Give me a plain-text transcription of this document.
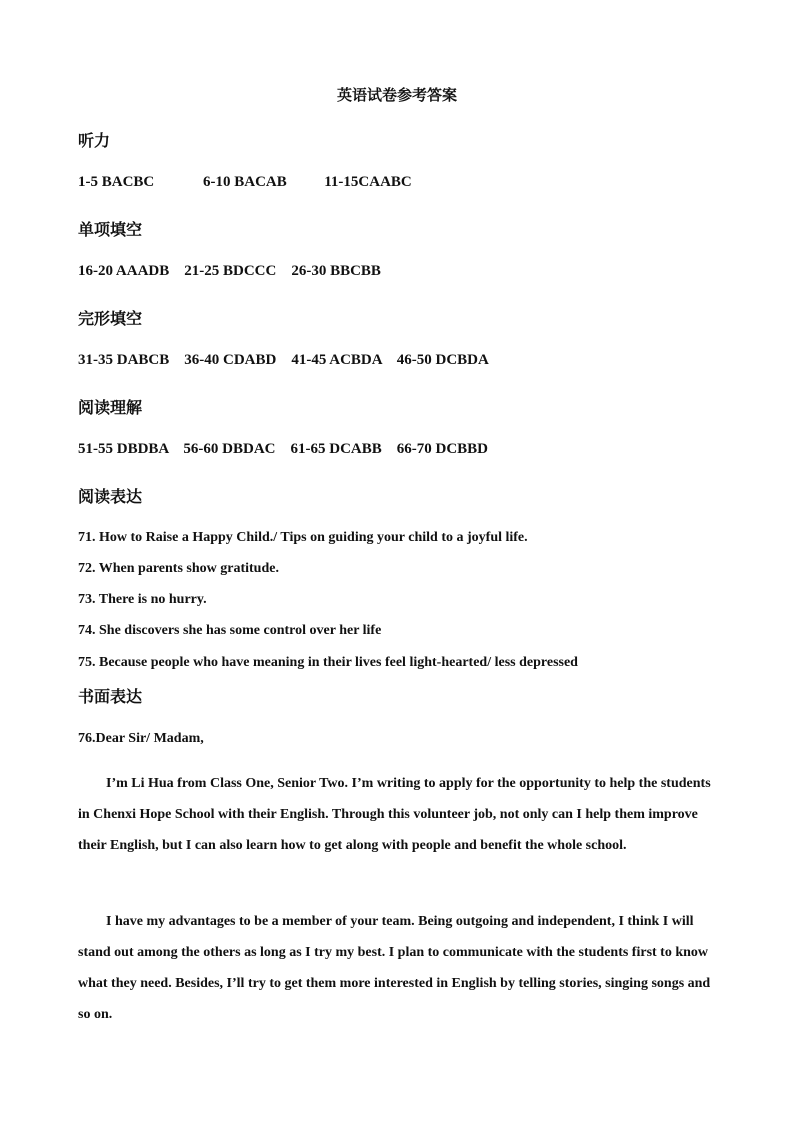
英语试卷参考答案
听力
1-5 BACBC             6-10 BACAB          11-15CAABC
单项填空
16-20 AAADB    21-25 BDCCC    26-30 BBCBB
完形填空
31-35 DABCB    36-40 CDABD    41-45 ACBDA    46-50 DCBDA
阅读理解
51-55 DBDBA    56-60 DBDAC    61-65 DCABB    66-70 DCBBD
阅读表达
71. How to Raise a Happy Child./ Tips on guiding your child to a joyful life.
72. When parents show gratitude.
73. There is no hurry.
74. She discovers she has some control over her life
75. Because people who have meaning in their lives feel light-hearted/ less depressed
书面表达
76.Dear Sir/ Madam,
I’m Li Hua from Class One, Senior Two. I’m writing to apply for the opportunity to help the students in Chenxi Hope School with their English. Through this volunteer job, not only can I help them improve their English, but I can also learn how to get along with people and benefit the whole school.
I have my advantages to be a member of your team. Being outgoing and independent, I think I will stand out among the others as long as I try my best. I plan to communicate with the students first to know what they need. Besides, I’ll try to get them more interested in English by telling stories, singing songs and so on.
